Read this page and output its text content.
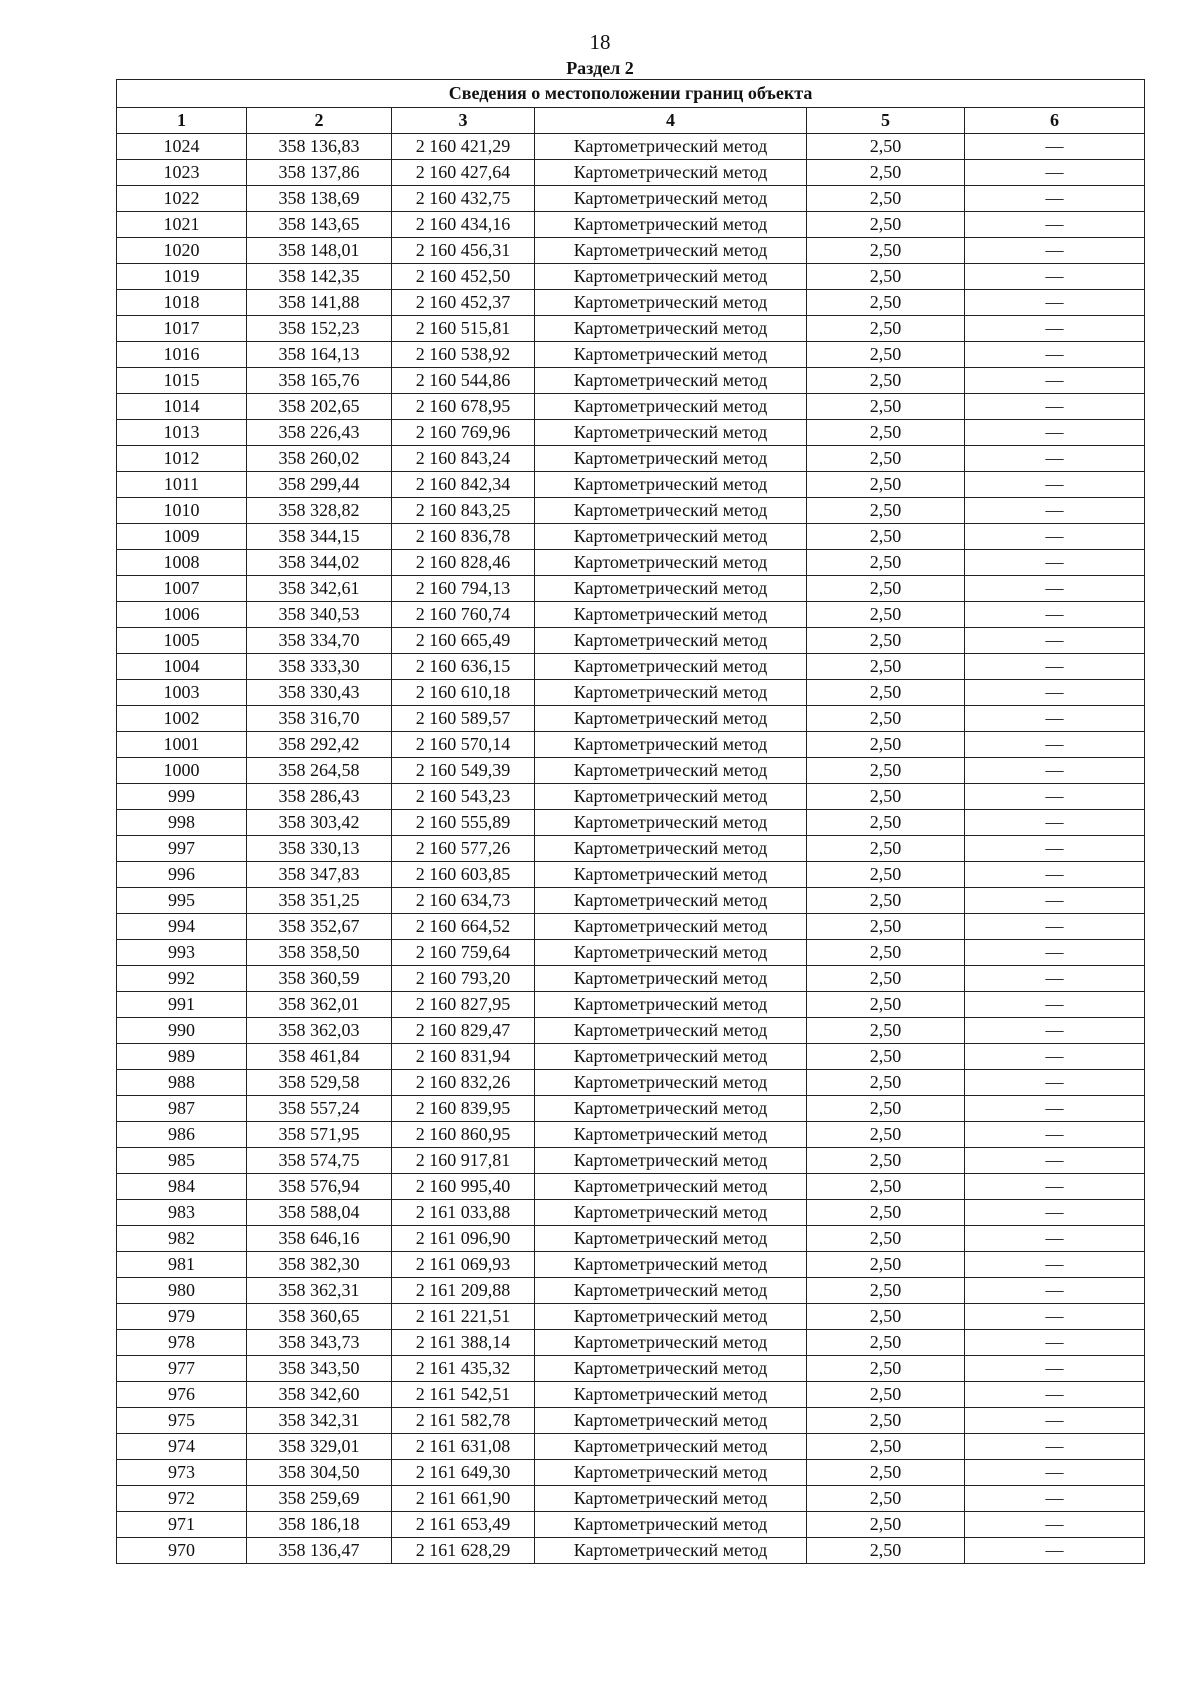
18
Раздел 2
Сведения о местоположении границ объекта					
1	2	3	4	5	6
1024	358 136,83	2 160 421,29	Картометрический метод	2,50	—
1023	358 137,86	2 160 427,64	Картометрический метод	2,50	—
1022	358 138,69	2 160 432,75	Картометрический метод	2,50	—
1021	358 143,65	2 160 434,16	Картометрический метод	2,50	—
1020	358 148,01	2 160 456,31	Картометрический метод	2,50	—
1019	358 142,35	2 160 452,50	Картометрический метод	2,50	—
1018	358 141,88	2 160 452,37	Картометрический метод	2,50	—
1017	358 152,23	2 160 515,81	Картометрический метод	2,50	—
1016	358 164,13	2 160 538,92	Картометрический метод	2,50	—
1015	358 165,76	2 160 544,86	Картометрический метод	2,50	—
1014	358 202,65	2 160 678,95	Картометрический метод	2,50	—
1013	358 226,43	2 160 769,96	Картометрический метод	2,50	—
1012	358 260,02	2 160 843,24	Картометрический метод	2,50	—
1011	358 299,44	2 160 842,34	Картометрический метод	2,50	—
1010	358 328,82	2 160 843,25	Картометрический метод	2,50	—
1009	358 344,15	2 160 836,78	Картометрический метод	2,50	—
1008	358 344,02	2 160 828,46	Картометрический метод	2,50	—
1007	358 342,61	2 160 794,13	Картометрический метод	2,50	—
1006	358 340,53	2 160 760,74	Картометрический метод	2,50	—
1005	358 334,70	2 160 665,49	Картометрический метод	2,50	—
1004	358 333,30	2 160 636,15	Картометрический метод	2,50	—
1003	358 330,43	2 160 610,18	Картометрический метод	2,50	—
1002	358 316,70	2 160 589,57	Картометрический метод	2,50	—
1001	358 292,42	2 160 570,14	Картометрический метод	2,50	—
1000	358 264,58	2 160 549,39	Картометрический метод	2,50	—
999	358 286,43	2 160 543,23	Картометрический метод	2,50	—
998	358 303,42	2 160 555,89	Картометрический метод	2,50	—
997	358 330,13	2 160 577,26	Картометрический метод	2,50	—
996	358 347,83	2 160 603,85	Картометрический метод	2,50	—
995	358 351,25	2 160 634,73	Картометрический метод	2,50	—
994	358 352,67	2 160 664,52	Картометрический метод	2,50	—
993	358 358,50	2 160 759,64	Картометрический метод	2,50	—
992	358 360,59	2 160 793,20	Картометрический метод	2,50	—
991	358 362,01	2 160 827,95	Картометрический метод	2,50	—
990	358 362,03	2 160 829,47	Картометрический метод	2,50	—
989	358 461,84	2 160 831,94	Картометрический метод	2,50	—
988	358 529,58	2 160 832,26	Картометрический метод	2,50	—
987	358 557,24	2 160 839,95	Картометрический метод	2,50	—
986	358 571,95	2 160 860,95	Картометрический метод	2,50	—
985	358 574,75	2 160 917,81	Картометрический метод	2,50	—
984	358 576,94	2 160 995,40	Картометрический метод	2,50	—
983	358 588,04	2 161 033,88	Картометрический метод	2,50	—
982	358 646,16	2 161 096,90	Картометрический метод	2,50	—
981	358 382,30	2 161 069,93	Картометрический метод	2,50	—
980	358 362,31	2 161 209,88	Картометрический метод	2,50	—
979	358 360,65	2 161 221,51	Картометрический метод	2,50	—
978	358 343,73	2 161 388,14	Картометрический метод	2,50	—
977	358 343,50	2 161 435,32	Картометрический метод	2,50	—
976	358 342,60	2 161 542,51	Картометрический метод	2,50	—
975	358 342,31	2 161 582,78	Картометрический метод	2,50	—
974	358 329,01	2 161 631,08	Картометрический метод	2,50	—
973	358 304,50	2 161 649,30	Картометрический метод	2,50	—
972	358 259,69	2 161 661,90	Картометрический метод	2,50	—
971	358 186,18	2 161 653,49	Картометрический метод	2,50	—
970	358 136,47	2 161 628,29	Картометрический метод	2,50	—
